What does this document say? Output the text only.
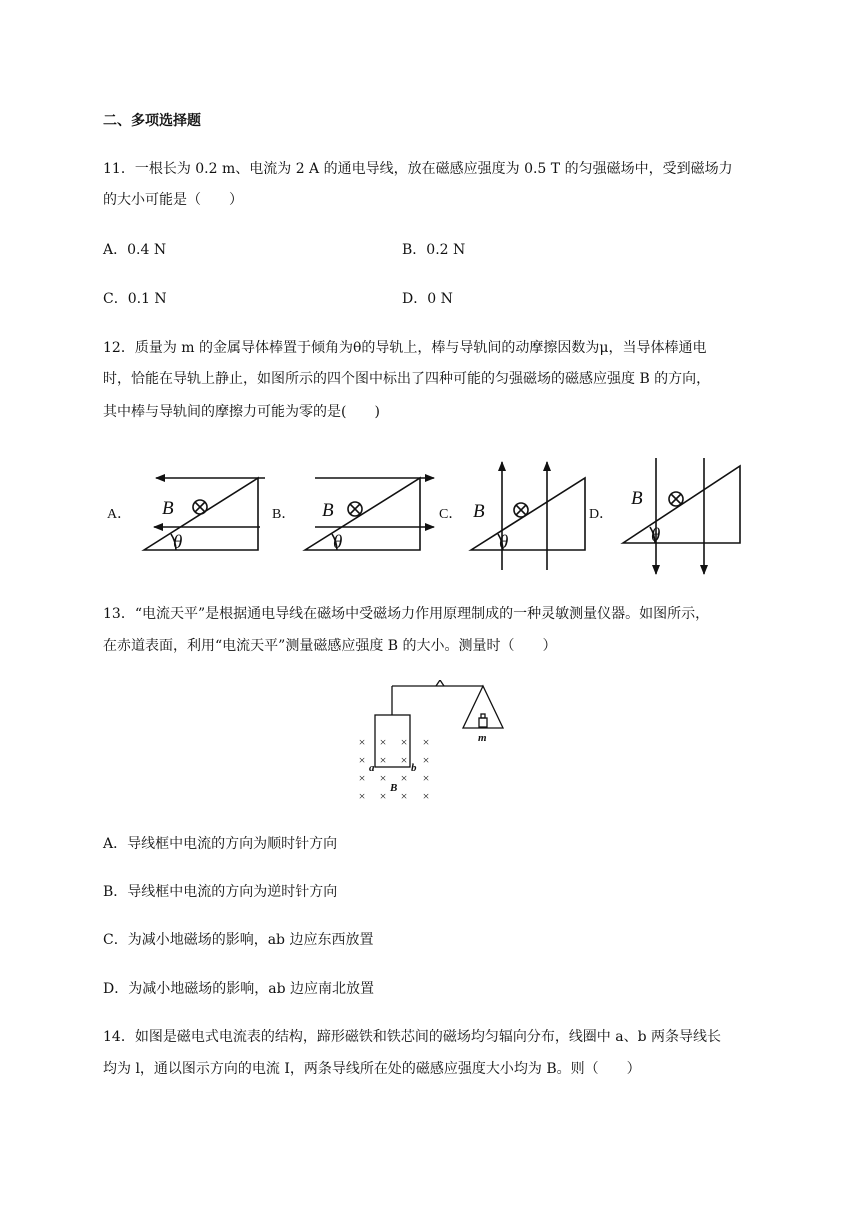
二、多项选择题
11．一根长为 0.2 m、电流为 2 A 的通电导线，放在磁感应强度为 0.5 T 的匀强磁场中，受到磁场力
的大小可能是（　　）
A．0.4 N	B．0.2 N
C．0.1 N	D．0 N
12．质量为 m 的金属导体棒置于倾角为θ的导轨上，棒与导轨间的动摩擦因数为μ，当导体棒通电
时，恰能在导轨上静止，如图所示的四个图中标出了四种可能的匀强磁场的磁感应强度 B 的方向，
其中棒与导轨间的摩擦力可能为零的是(　　)
A．	B．	C．	D．
B	B	B
B
θ	θ	θ	θ
13．“电流天平”是根据通电导线在磁场中受磁场力作用原理制成的一种灵敏测量仪器。如图所示，
在赤道表面，利用“电流天平”测量磁感应强度 B 的大小。测量时（　　）
× × × ×
× × × ×
× × × ×
× × × ×
a	b
B
m
A．导线框中电流的方向为顺时针方向
B．导线框中电流的方向为逆时针方向
C．为减小地磁场的影响，ab 边应东西放置
D．为减小地磁场的影响，ab 边应南北放置
14．如图是磁电式电流表的结构，蹄形磁铁和铁芯间的磁场均匀辐向分布，线圈中 a、b 两条导线长
均为 l，通以图示方向的电流 I，两条导线所在处的磁感应强度大小均为 B。则（　　）
